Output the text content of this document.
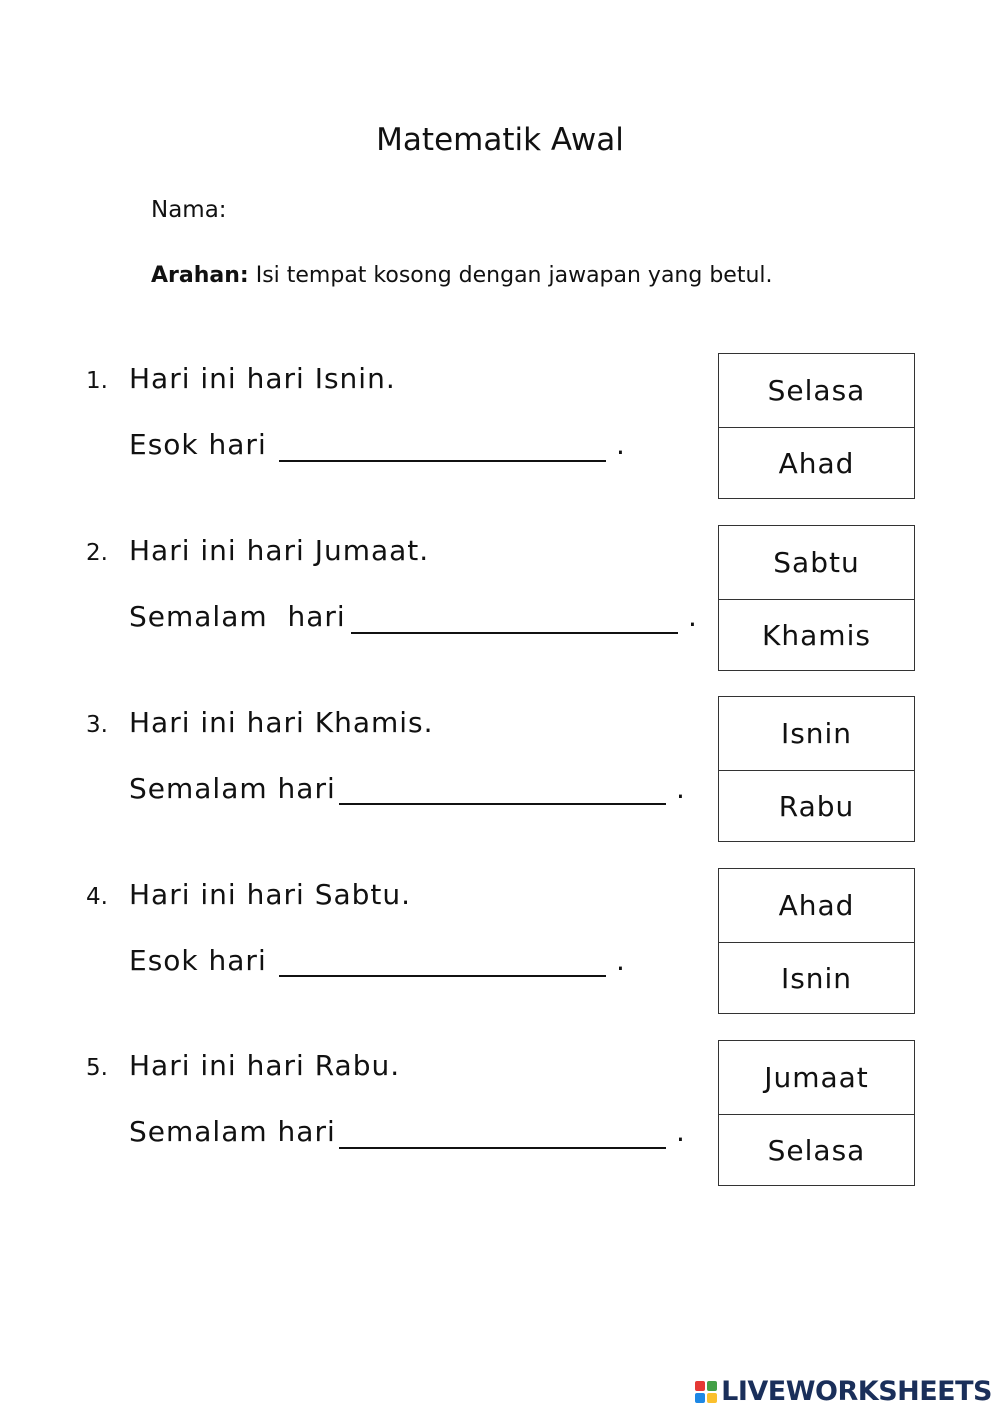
Matematik Awal
Nama:
Arahan: Isi tempat kosong dengan jawapan yang betul.
1. Hari ini hari Isnin.
Esok hari	.
Selasa
Ahad
2. Hari ini hari Jumaat.
Semalam  hari	.
Sabtu
Khamis
3. Hari ini hari Khamis.
Semalam hari	.
Isnin
Rabu
4. Hari ini hari Sabtu.
Esok hari	.
Ahad
Isnin
5. Hari ini hari Rabu.
Semalam hari	.
Jumaat
Selasa
LIVEWORKSHEETS
